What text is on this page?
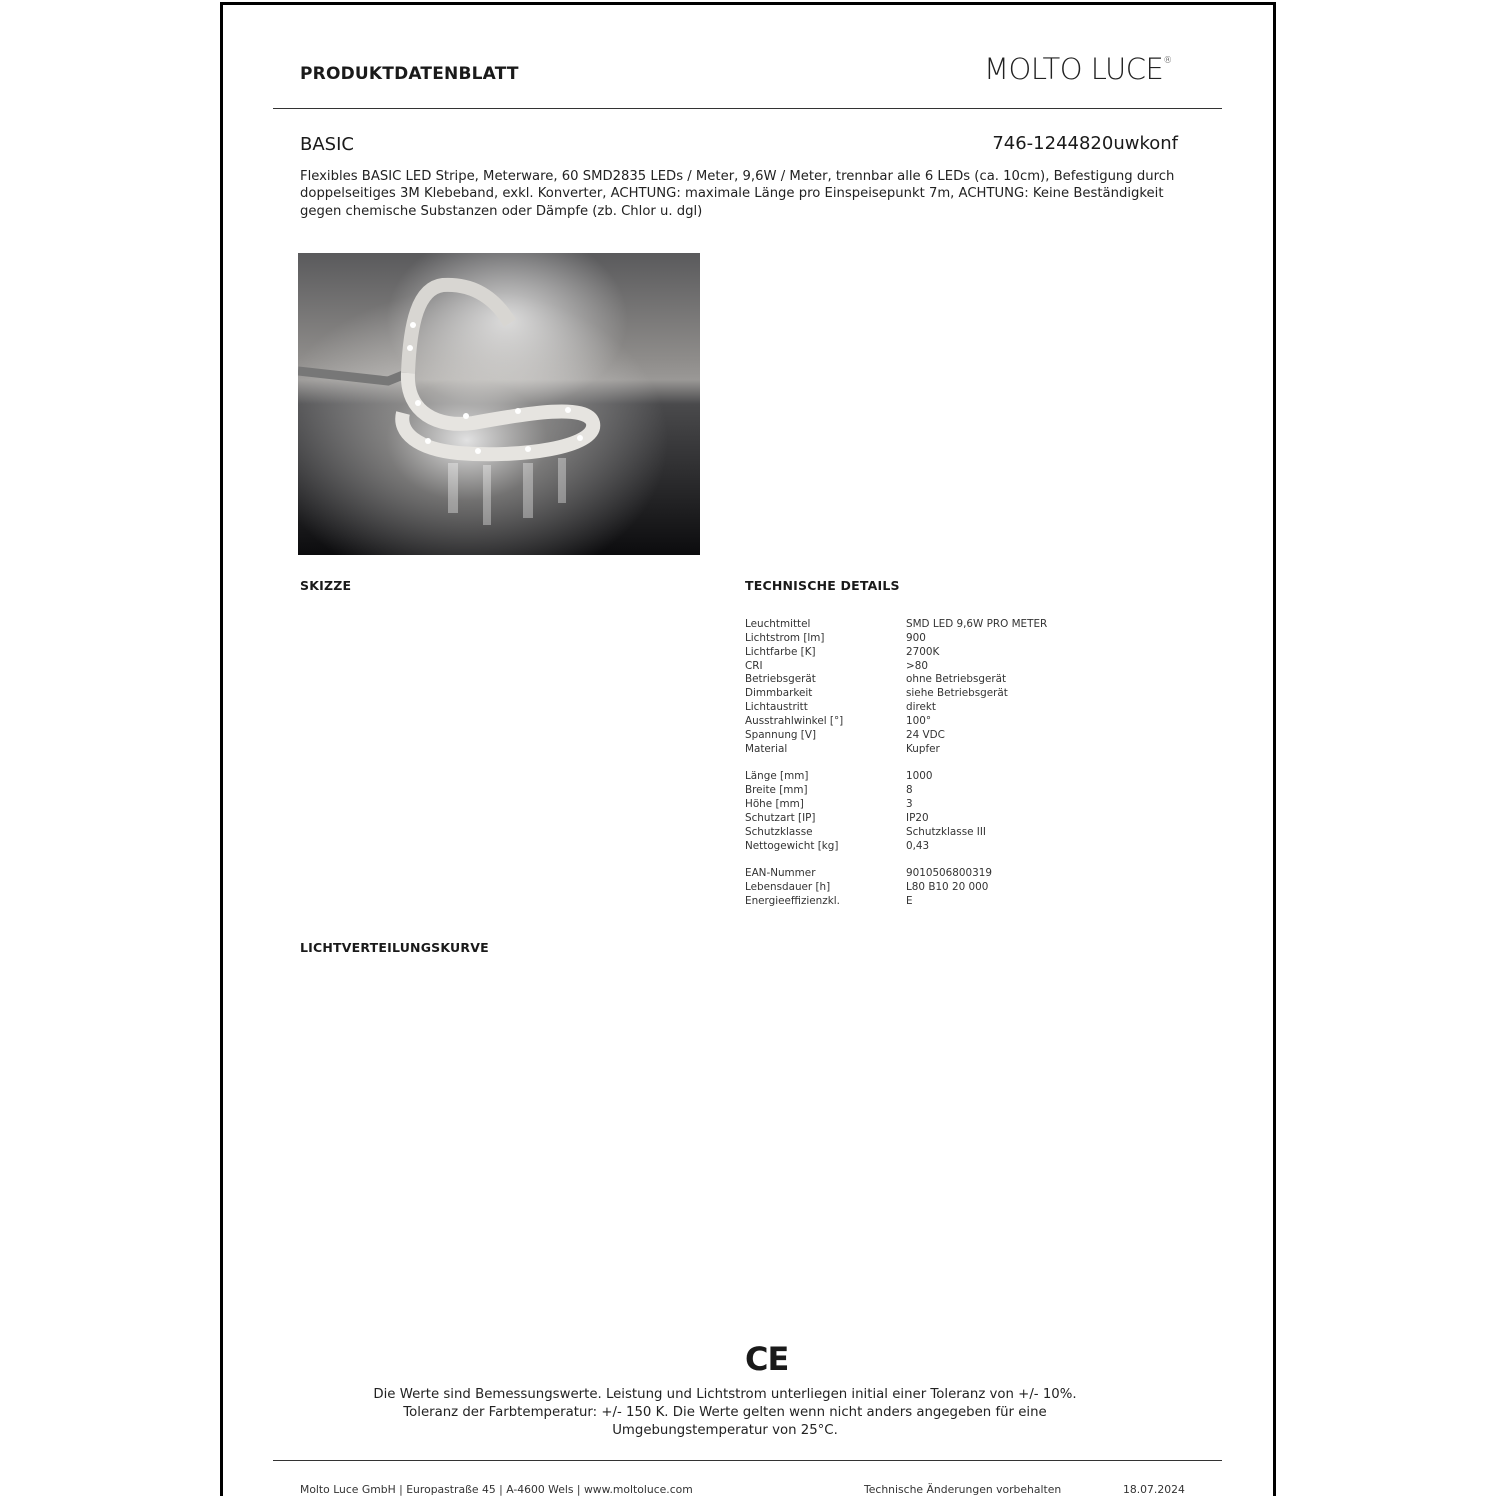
PRODUKTDATENBLATT	MOLTO LUCE®
BASIC	746-1244820uwkonf
Flexibles BASIC LED Stripe, Meterware, 60 SMD2835 LEDs / Meter, 9,6W / Meter, trennbar alle 6 LEDs (ca. 10cm), Befestigung durch doppelseitiges 3M Klebeband, exkl. Konverter, ACHTUNG: maximale Länge pro Einspeisepunkt 7m, ACHTUNG: Keine Beständigkeit gegen chemische Substanzen oder Dämpfe (zb. Chlor u. dgl)
SKIZZE	TECHNISCHE DETAILS
Leuchtmittel	SMD LED 9,6W PRO METER
Lichtstrom [lm]	900
Lichtfarbe [K]	2700K
CRI	>80
Betriebsgerät	ohne Betriebsgerät
Dimmbarkeit	siehe Betriebsgerät
Lichtaustritt	direkt
Ausstrahlwinkel [°]	100°
Spannung [V]	24 VDC
Material	Kupfer
Länge [mm]	1000
Breite [mm]	8
Höhe [mm]	3
Schutzart [IP]	IP20
Schutzklasse	Schutzklasse III
Nettogewicht [kg]	0,43
EAN-Nummer	9010506800319
Lebensdauer [h]	L80 B10 20 000
Energieeffizienzkl.	E
LICHTVERTEILUNGSKURVE
CE
Die Werte sind Bemessungswerte. Leistung und Lichtstrom unterliegen initial einer Toleranz von +/- 10%.
Toleranz der Farbtemperatur: +/- 150 K. Die Werte gelten wenn nicht anders angegeben für eine
Umgebungstemperatur von 25°C.
Molto Luce GmbH | Europastraße 45 | A-4600 Wels | www.moltoluce.com	Technische Änderungen vorbehalten	18.07.2024
